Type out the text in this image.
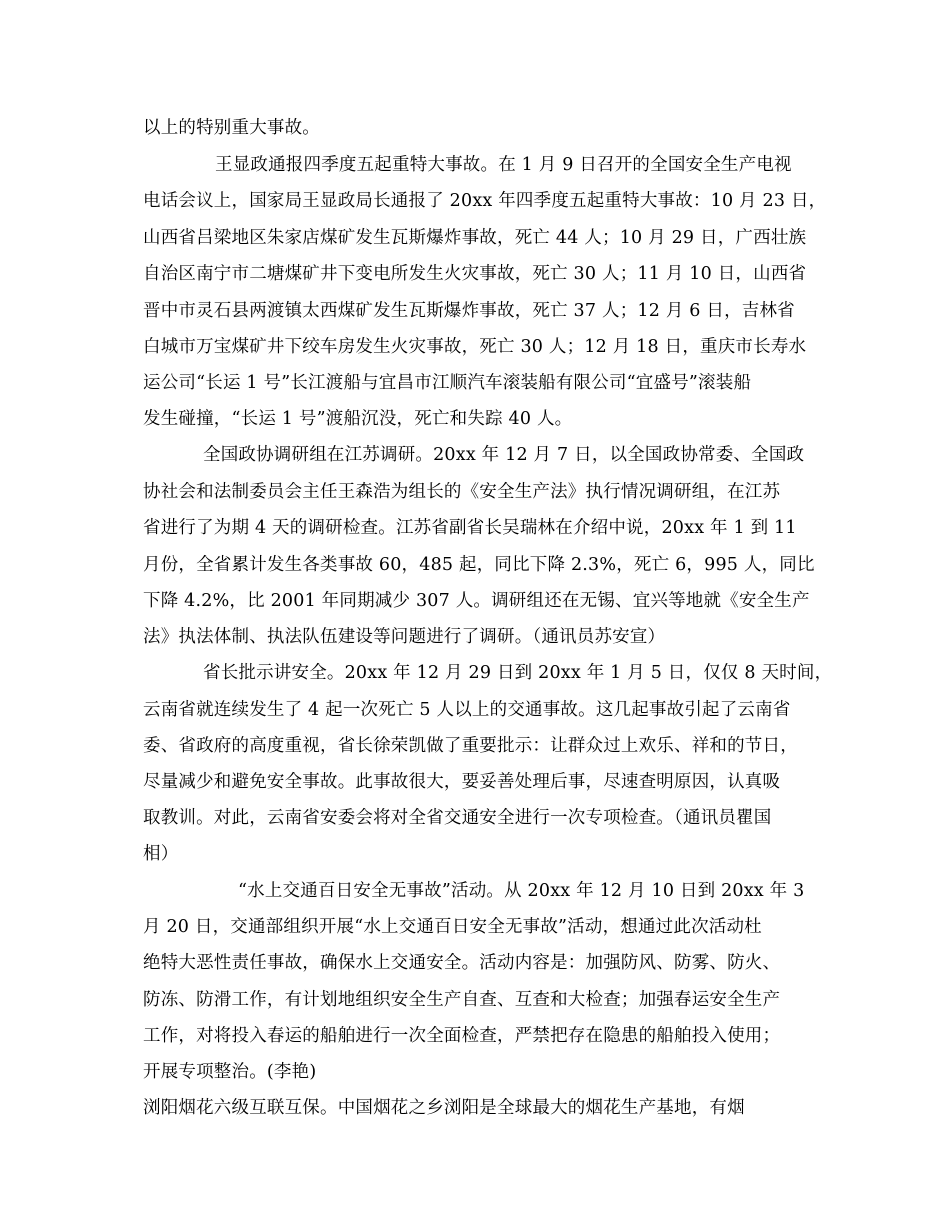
以上的特别重大事故。
王显政通报四季度五起重特大事故。在 1 月 9 日召开的全国安全生产电视
电话会议上，国家局王显政局长通报了 20xx 年四季度五起重特大事故：10 月 23 日，
山西省吕梁地区朱家店煤矿发生瓦斯爆炸事故，死亡 44 人；10 月 29 日，广西壮族
自治区南宁市二塘煤矿井下变电所发生火灾事故，死亡 30 人；11 月 10 日，山西省
晋中市灵石县两渡镇太西煤矿发生瓦斯爆炸事故，死亡 37 人；12 月 6 日，吉林省
白城市万宝煤矿井下绞车房发生火灾事故，死亡 30 人；12 月 18 日，重庆市长寿水
运公司“长运 1 号”长江渡船与宜昌市江顺汽车滚装船有限公司“宜盛号”滚装船
发生碰撞，“长运 1 号”渡船沉没，死亡和失踪 40 人。
全国政协调研组在江苏调研。20xx 年 12 月 7 日，以全国政协常委、全国政
协社会和法制委员会主任王森浩为组长的《安全生产法》执行情况调研组，在江苏
省进行了为期 4 天的调研检查。江苏省副省长吴瑞林在介绍中说，20xx 年 1 到 11
月份，全省累计发生各类事故 60，485 起，同比下降 2.3%，死亡 6，995 人，同比
下降 4.2%，比 2001 年同期减少 307 人。调研组还在无锡、宜兴等地就《安全生产
法》执法体制、执法队伍建设等问题进行了调研。（通讯员苏安宣）
省长批示讲安全。20xx 年 12 月 29 日到 20xx 年 1 月 5 日，仅仅 8 天时间，
云南省就连续发生了 4 起一次死亡 5 人以上的交通事故。这几起事故引起了云南省
委、省政府的高度重视，省长徐荣凯做了重要批示：让群众过上欢乐、祥和的节日，
尽量减少和避免安全事故。此事故很大，要妥善处理后事，尽速查明原因，认真吸
取教训。对此，云南省安委会将对全省交通安全进行一次专项检查。（通讯员瞿国
相）
“水上交通百日安全无事故”活动。从 20xx 年 12 月 10 日到 20xx 年 3
月 20 日，交通部组织开展“水上交通百日安全无事故”活动，想通过此次活动杜
绝特大恶性责任事故，确保水上交通安全。活动内容是：加强防风、防雾、防火、
防冻、防滑工作，有计划地组织安全生产自查、互查和大检查；加强春运安全生产
工作，对将投入春运的船舶进行一次全面检查，严禁把存在隐患的船舶投入使用；
开展专项整治。(李艳)
浏阳烟花六级互联互保。中国烟花之乡浏阳是全球最大的烟花生产基地，有烟
